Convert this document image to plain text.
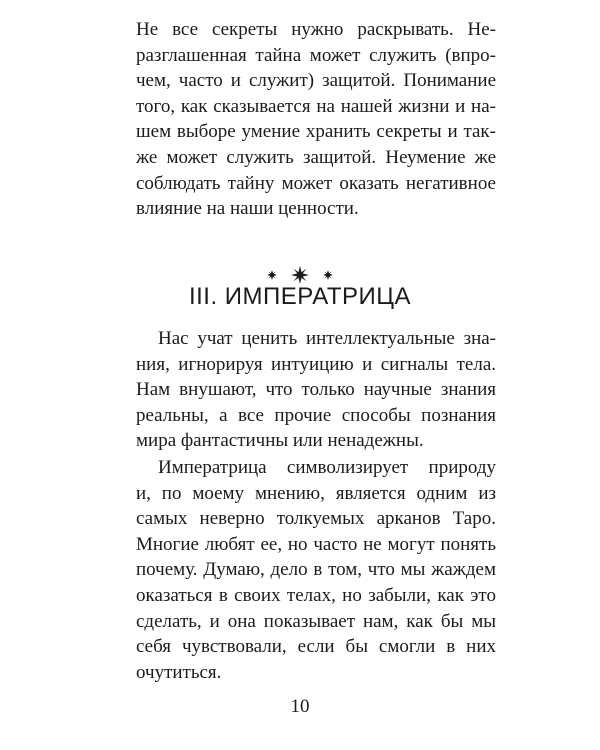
Не все секреты нужно раскрывать. Не-
разглашенная тайна может служить (впро-
чем, часто и служит) защитой. Понимание
того, как сказывается на нашей жизни и на-
шем выборе умение хранить секреты и так-
же может служить защитой. Неумение же
соблюдать тайну может оказать негативное
влияние на наши ценности.
III. ИМПЕРАТРИЦА
Нас учат ценить интеллектуальные зна-
ния, игнорируя интуицию и сигналы тела.
Нам внушают, что только научные знания
реальны, а все прочие способы познания
мира фантастичны или ненадежны.
Императрица символизирует природу
и, по моему мнению, является одним из
самых неверно толкуемых арканов Таро.
Многие любят ее, но часто не могут понять
почему. Думаю, дело в том, что мы жаждем
оказаться в своих телах, но забыли, как это
сделать, и она показывает нам, как бы мы
себя чувствовали, если бы смогли в них
очутиться.
10
